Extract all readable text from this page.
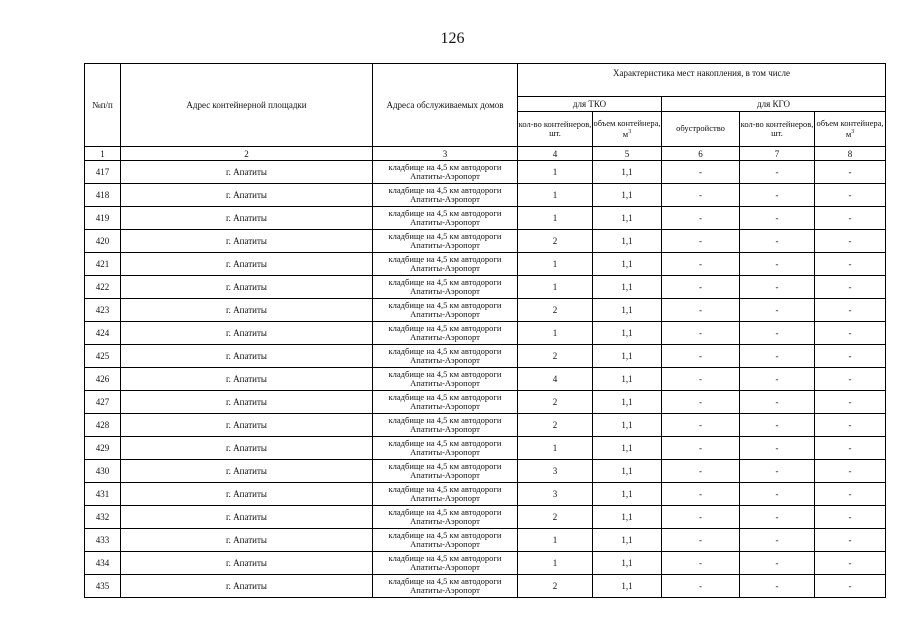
126
№п/п	Адрес контейнерной площадки	Адреса обслуживаемых домов	Характеристика мест накопления, в том числе				
			для ТКО		для КГО		
			кол-во контейнеров, шт.	объем контейнера, $м^3$	обустройство	кол-во контейнеров, шт.	объем контейнера, $м^3$
1	2	3	4	5	6	7	8
417	г. Апатиты	кладбище на 4,5 км автодороги Апатиты-Аэропорт	1	1,1	-	-	-
418	г. Апатиты	кладбище на 4,5 км автодороги Апатиты-Аэропорт	1	1,1	-	-	-
419	г. Апатиты	кладбище на 4,5 км автодороги Апатиты-Аэропорт	1	1,1	-	-	-
420	г. Апатиты	кладбище на 4,5 км автодороги Апатиты-Аэропорт	2	1,1	-	-	-
421	г. Апатиты	кладбище на 4,5 км автодороги Апатиты-Аэропорт	1	1,1	-	-	-
422	г. Апатиты	кладбище на 4,5 км автодороги Апатиты-Аэропорт	1	1,1	-	-	-
423	г. Апатиты	кладбище на 4,5 км автодороги Апатиты-Аэропорт	2	1,1	-	-	-
424	г. Апатиты	кладбище на 4,5 км автодороги Апатиты-Аэропорт	1	1,1	-	-	-
425	г. Апатиты	кладбище на 4,5 км автодороги Апатиты-Аэропорт	2	1,1	-	-	-
426	г. Апатиты	кладбище на 4,5 км автодороги Апатиты-Аэропорт	4	1,1	-	-	-
427	г. Апатиты	кладбище на 4,5 км автодороги Апатиты-Аэропорт	2	1,1	-	-	-
428	г. Апатиты	кладбище на 4,5 км автодороги Апатиты-Аэропорт	2	1,1	-	-	-
429	г. Апатиты	кладбище на 4,5 км автодороги Апатиты-Аэропорт	1	1,1	-	-	-
430	г. Апатиты	кладбище на 4,5 км автодороги Апатиты-Аэропорт	3	1,1	-	-	-
431	г. Апатиты	кладбище на 4,5 км автодороги Апатиты-Аэропорт	3	1,1	-	-	-
432	г. Апатиты	кладбище на 4,5 км автодороги Апатиты-Аэропорт	2	1,1	-	-	-
433	г. Апатиты	кладбище на 4,5 км автодороги Апатиты-Аэропорт	1	1,1	-	-	-
434	г. Апатиты	кладбище на 4,5 км автодороги Апатиты-Аэропорт	1	1,1	-	-	-
435	г. Апатиты	кладбище на 4,5 км автодороги Апатиты-Аэропорт	2	1,1	-	-	-
